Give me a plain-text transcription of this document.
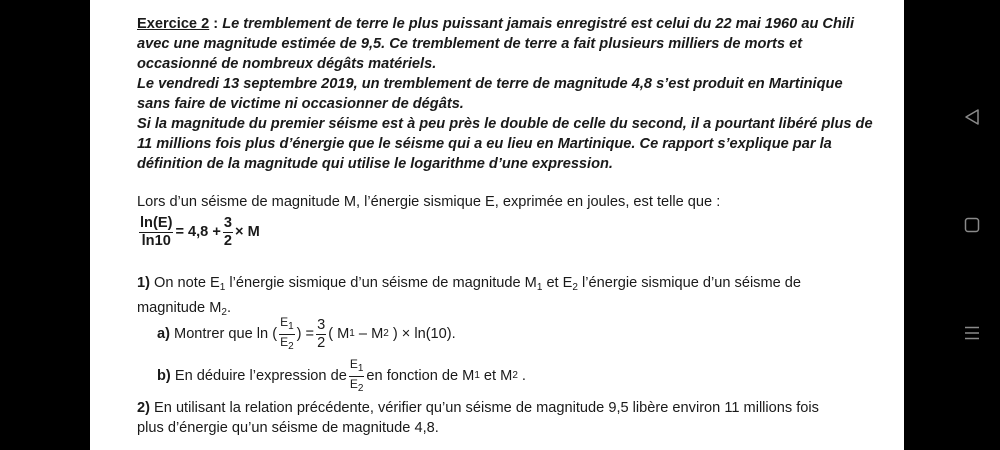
Exercice 2 : Le tremblement de terre le plus puissant jamais enregistré est celui du 22 mai 1960 au Chili
avec une magnitude estimée de 9,5. Ce tremblement de terre a fait plusieurs milliers de morts et
occasionné de nombreux dégâts matériels.
Le vendredi 13 septembre 2019, un tremblement de terre de magnitude 4,8 s’est produit en Martinique
sans faire de victime ni occasionner de dégâts.
Si la magnitude du premier séisme est à peu près le double de celle du second, il a pourtant libéré plus de
11 millions fois plus d’énergie que le séisme qui a eu lieu en Martinique. Ce rapport s’explique par la
définition de la magnitude qui utilise le logarithme d’une expression.
Lors d’un séisme de magnitude M, l’énergie sismique E, exprimée en joules, est telle que :
$\frac{\ln(E)}{\ln 10} = 4,8 + \frac{3}{2} \times M$
1) On note $E_1$ l’énergie sismique d’un séisme de magnitude $M_1$ et $E_2$ l’énergie sismique d’un séisme de
magnitude $M_2$.
a) Montrer que ln ( $\frac{E_1}{E_2}$ ) = $\frac{3}{2}$ ( M 1 – M 2 ) × ln(10).
b) En déduire l’expression de $\frac{E_1}{E_2}$ en fonction de M 1 et M 2 .
2) En utilisant la relation précédente, vérifier qu’un séisme de magnitude 9,5 libère environ 11 millions fois
plus d’énergie qu’un séisme de magnitude 4,8.
